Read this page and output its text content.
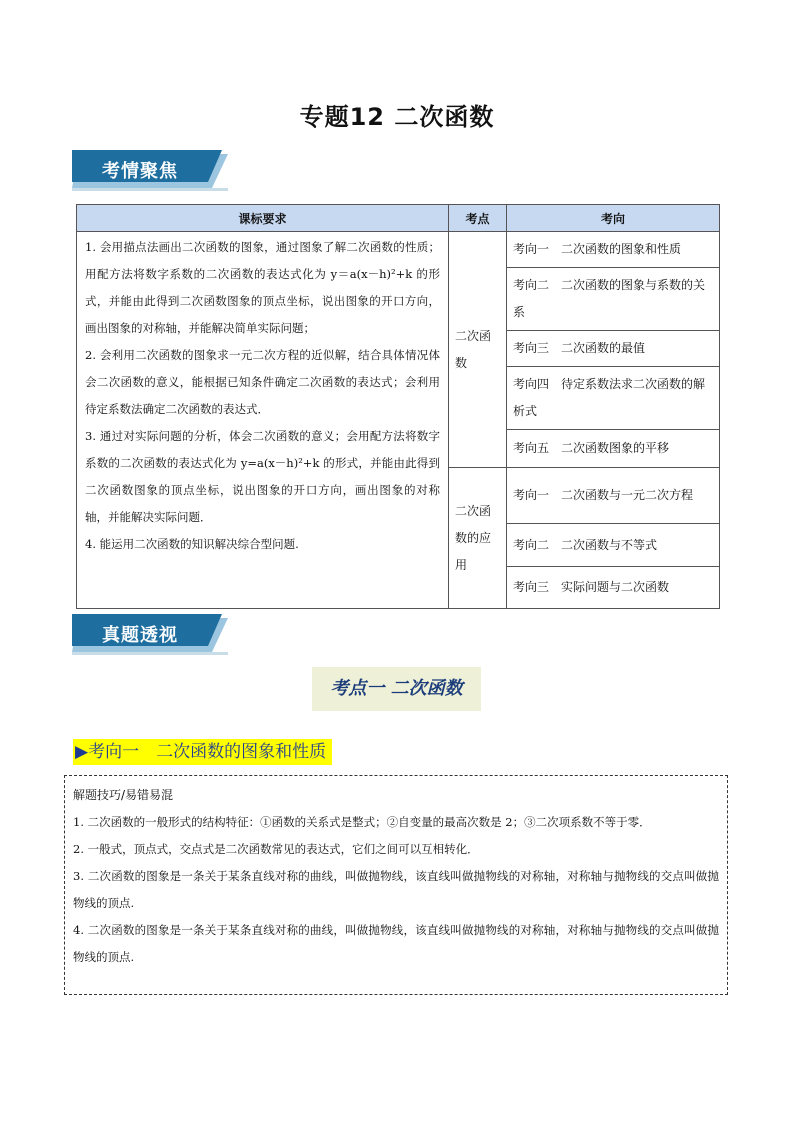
专题12 二次函数
考情聚焦
课标要求	考点	考向

1. 会用描点法画出二次函数的图象，通过图象了解二次函数的性质；用配方法将数字系数的二次函数的表达式化为 y＝a(x－h)²+k 的形式，并能由此得到二次函数图象的顶点坐标，说出图象的开口方向，画出图象的对称轴，并能解决简单实际问题；
2. 会利用二次函数的图象求一元二次方程的近似解，结合具体情况体会二次函数的意义，能根据已知条件确定二次函数的表达式；会利用待定系数法确定二次函数的表达式．
3. 通过对实际问题的分析，体会二次函数的意义；会用配方法将数字系数的二次函数的表达式化为 y=a(x－h)²+k 的形式，并能由此得到二次函数图象的顶点坐标，说出图象的开口方向，画出图象的对称轴，并能解决实际问题．
4. 能运用二次函数的知识解决综合型问题.	二次函数	考向一　二次函数的图象和性质
		考向二　二次函数的图象与系数的关系
		考向三　二次函数的最值
		考向四　待定系数法求二次函数的解析式
		考向五　二次函数图象的平移
	二次函数的应用	考向一　二次函数与一元二次方程
		考向二　二次函数与不等式
		考向三　实际问题与二次函数
真题透视
考点一 二次函数
▶考向一　二次函数的图象和性质
解题技巧/易错易混

1. 二次函数的一般形式的结构特征：①函数的关系式是整式；②自变量的最高次数是 2；③二次项系数不等于零．

2. 一般式，顶点式，交点式是二次函数常见的表达式，它们之间可以互相转化．

3. 二次函数的图象是一条关于某条直线对称的曲线，叫做抛物线，该直线叫做抛物线的对称轴，对称轴与抛物线的交点叫做抛物线的顶点.

4. 二次函数的图象是一条关于某条直线对称的曲线，叫做抛物线，该直线叫做抛物线的对称轴，对称轴与抛物线的交点叫做抛物线的顶点.
